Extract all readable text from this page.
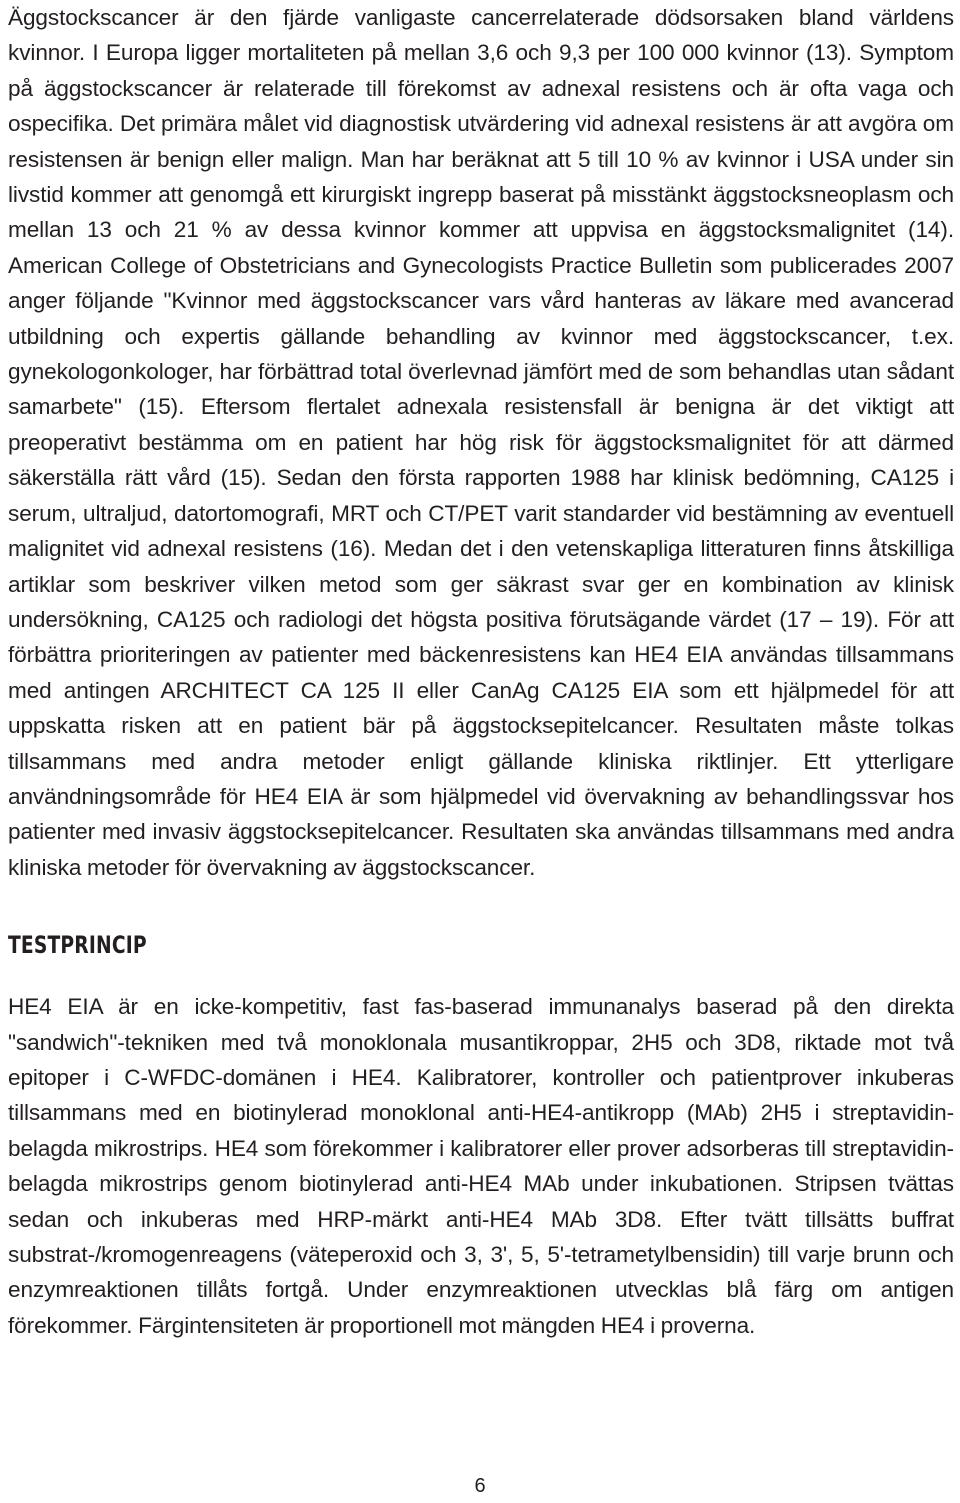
Äggstockscancer är den fjärde vanligaste cancerrelaterade dödsorsaken bland världens kvinnor. I Europa ligger mortaliteten på mellan 3,6 och 9,3 per 100 000 kvinnor (13). Symptom på äggstockscancer är relaterade till förekomst av adnexal resistens och är ofta vaga och ospecifika. Det primära målet vid diagnostisk utvärdering vid adnexal resistens är att avgöra om resistensen är benign eller malign. Man har beräknat att 5 till 10 % av kvinnor i USA under sin livstid kommer att genomgå ett kirurgiskt ingrepp baserat på misstänkt äggstocksneoplasm och mellan 13 och 21 % av dessa kvinnor kommer att uppvisa en äggstocksmalignitet (14). American College of Obstetricians and Gynecologists Practice Bulletin som publicerades 2007 anger följande "Kvinnor med äggstockscancer vars vård hanteras av läkare med avancerad utbildning och expertis gällande behandling av kvinnor med äggstockscancer, t.ex. gynekologonkologer, har förbättrad total överlevnad jämfört med de som behandlas utan sådant samarbete" (15). Eftersom flertalet adnexala resistensfall är benigna är det viktigt att preoperativt bestämma om en patient har hög risk för äggstocksmalignitet för att därmed säkerställa rätt vård (15). Sedan den första rapporten 1988 har klinisk bedömning, CA125 i serum, ultraljud, datortomografi, MRT och CT/PET varit standarder vid bestämning av eventuell malignitet vid adnexal resistens (16). Medan det i den vetenskapliga litteraturen finns åtskilliga artiklar som beskriver vilken metod som ger säkrast svar ger en kombination av klinisk undersökning, CA125 och radiologi det högsta positiva förutsägande värdet (17 – 19). För att förbättra prioriteringen av patienter med bäckenresistens kan HE4 EIA användas tillsammans med antingen ARCHITECT CA 125 II eller CanAg CA125 EIA som ett hjälpmedel för att uppskatta risken att en patient bär på äggstocksepitelcancer. Resultaten måste tolkas tillsammans med andra metoder enligt gällande kliniska riktlinjer. Ett ytterligare användningsområde för HE4 EIA är som hjälpmedel vid övervakning av behandlingssvar hos patienter med invasiv äggstocksepitelcancer. Resultaten ska användas tillsammans med andra kliniska metoder för övervakning av äggstockscancer.

TESTPRINCIP

HE4 EIA är en icke-kompetitiv, fast fas-baserad immunanalys baserad på den direkta "sandwich"-tekniken med två monoklonala musantikroppar, 2H5 och 3D8, riktade mot två epitoper i C-WFDC-domänen i HE4. Kalibratorer, kontroller och patientprover inkuberas tillsammans med en biotinylerad monoklonal anti-HE4-antikropp (MAb) 2H5 i streptavidin-belagda mikrostrips. HE4 som förekommer i kalibratorer eller prover adsorberas till streptavidin-belagda mikrostrips genom biotinylerad anti-HE4 MAb under inkubationen. Stripsen tvättas sedan och inkuberas med HRP-märkt anti-HE4 MAb 3D8. Efter tvätt tillsätts buffrat substrat-/kromogenreagens (väteperoxid och 3, 3', 5, 5'-tetrametylbensidin) till varje brunn och enzymreaktionen tillåts fortgå. Under enzymreaktionen utvecklas blå färg om antigen förekommer. Färgintensiteten är proportionell mot mängden HE4 i proverna.

6
